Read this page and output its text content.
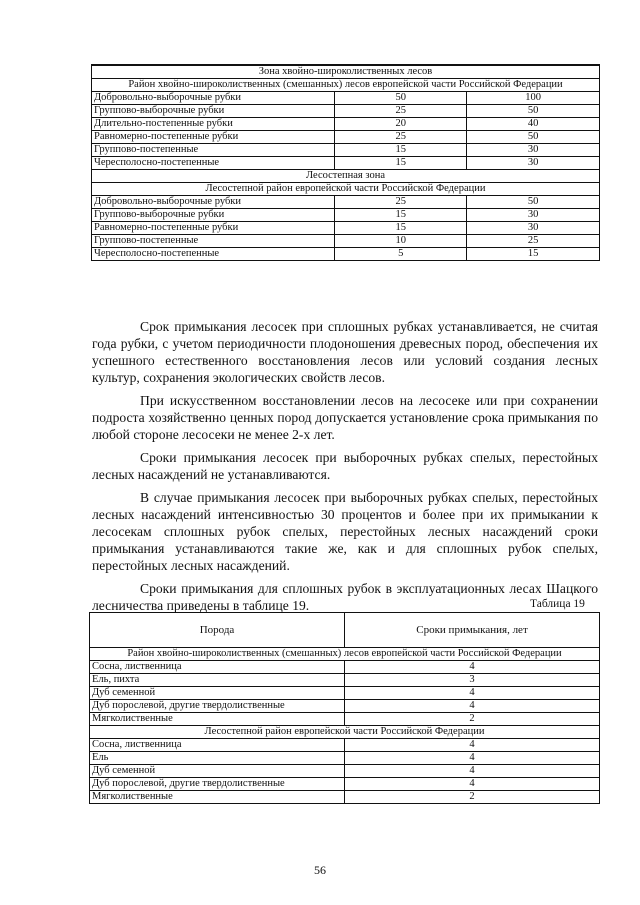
Зона хвойно-широколиственных лесов		
Район хвойно-широколиственных (смешанных) лесов европейской части Российской Федерации		
Добровольно-выборочные рубки	50	100
Группово-выборочные рубки	25	50
Длительно-постепенные рубки	20	40
Равномерно-постепенные рубки	25	50
Группово-постепенные	15	30
Чересполосно-постепенные	15	30
Лесостепная зона		
Лесостепной район европейской части Российской Федерации		
Добровольно-выборочные рубки	25	50
Группово-выборочные рубки	15	30
Равномерно-постепенные рубки	15	30
Группово-постепенные	10	25
Чересполосно-постепенные	5	15

Срок примыкания лесосек при сплошных рубках устанавливается, не считая года рубки, с учетом периодичности плодоношения древесных пород, обеспечения их успешного естественного восстановления лесов или условий создания лесных культур, сохранения экологических свойств лесов.

При искусственном восстановлении лесов на лесосеке или при сохранении подроста хозяйственно ценных пород допускается установление срока примыкания по любой стороне лесосеки не менее 2-х лет.

Сроки примыкания лесосек при выборочных рубках спелых, перестойных лесных насаждений не устанавливаются.

В случае примыкания лесосек при выборочных рубках спелых, перестойных лесных насаждений интенсивностью 30 процентов и более при их примыкании к лесосекам сплошных рубок спелых, перестойных лесных насаждений сроки примыкания устанавливаются такие же, как и для сплошных рубок спелых, перестойных лесных насаждений.

Сроки примыкания для сплошных рубок в эксплуатационных лесах Шацкого лесничества приведены в таблице 19.	Таблица 19
Порода	Сроки примыкания, лет
Район хвойно-широколиственных (смешанных) лесов европейской части Российской Федерации	
Сосна, лиственница	4
Ель, пихта	3
Дуб семенной	4
Дуб порослевой, другие твердолиственные	4
Мягколиственные	2
Лесостепной район европейской части Российской Федерации	
Сосна, лиственница	4
Ель	4
Дуб семенной	4
Дуб порослевой, другие твердолиственные	4
Мягколиственные	2
56
